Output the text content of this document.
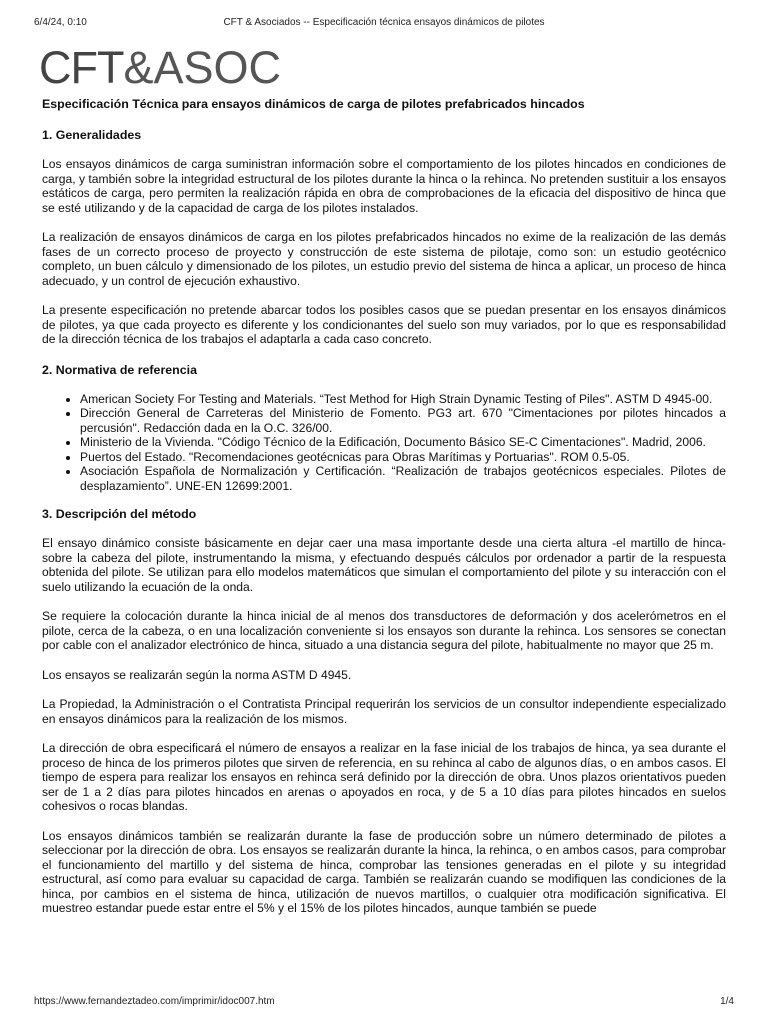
6/4/24, 0:10	CFT & Asociados -- Especificación técnica ensayos dinámicos de pilotes
CFT&ASOC
Especificación Técnica para ensayos dinámicos de carga de pilotes prefabricados hincados
1. Generalidades

Los ensayos dinámicos de carga suministran información sobre el comportamiento de los pilotes hincados en condiciones de carga, y también sobre la integridad estructural de los pilotes durante la hinca o la rehinca. No pretenden sustituir a los ensayos estáticos de carga, pero permiten la realización rápida en obra de comprobaciones de la eficacia del dispositivo de hinca que se esté utilizando y de la capacidad de carga de los pilotes instalados.

La realización de ensayos dinámicos de carga en los pilotes prefabricados hincados no exime de la realización de las demás fases de un correcto proceso de proyecto y construcción de este sistema de pilotaje, como son: un estudio geotécnico completo, un buen cálculo y dimensionado de los pilotes, un estudio previo del sistema de hinca a aplicar, un proceso de hinca adecuado, y un control de ejecución exhaustivo.

La presente especificación no pretende abarcar todos los posibles casos que se puedan presentar en los ensayos dinámicos de pilotes, ya que cada proyecto es diferente y los condicionantes del suelo son muy variados, por lo que es responsabilidad de la dirección técnica de los trabajos el adaptarla a cada caso concreto.

2. Normativa de referencia
• American Society For Testing and Materials. “Test Method for High Strain Dynamic Testing of Piles". ASTM D 4945-00.
• Dirección General de Carreteras del Ministerio de Fomento. PG3 art. 670 "Cimentaciones por pilotes hincados a percusión". Redacción dada en la O.C. 326/00.
• Ministerio de la Vivienda. "Código Técnico de la Edificación, Documento Básico SE-C Cimentaciones". Madrid, 2006.
• Puertos del Estado. "Recomendaciones geotécnicas para Obras Marítimas y Portuarias". ROM 0.5-05.
• Asociación Española de Normalización y Certificación. “Realización de trabajos geotécnicos especiales. Pilotes de desplazamiento”. UNE-EN 12699:2001.
3. Descripción del método

El ensayo dinámico consiste básicamente en dejar caer una masa importante desde una cierta altura -el martillo de hinca- sobre la cabeza del pilote, instrumentando la misma, y efectuando después cálculos por ordenador a partir de la respuesta obtenida del pilote. Se utilizan para ello modelos matemáticos que simulan el comportamiento del pilote y su interacción con el suelo utilizando la ecuación de la onda.

Se requiere la colocación durante la hinca inicial de al menos dos transductores de deformación y dos acelerómetros en el pilote, cerca de la cabeza, o en una localización conveniente si los ensayos son durante la rehinca. Los sensores se conectan por cable con el analizador electrónico de hinca, situado a una distancia segura del pilote, habitualmente no mayor que 25 m.

Los ensayos se realizarán según la norma ASTM D 4945.

La Propiedad, la Administración o el Contratista Principal requerirán los servicios de un consultor independiente especializado en ensayos dinámicos para la realización de los mismos.

La dirección de obra especificará el número de ensayos a realizar en la fase inicial de los trabajos de hinca, ya sea durante el proceso de hinca de los primeros pilotes que sirven de referencia, en su rehinca al cabo de algunos días, o en ambos casos. El tiempo de espera para realizar los ensayos en rehinca será definido por la dirección de obra. Unos plazos orientativos pueden ser de 1 a 2 días para pilotes hincados en arenas o apoyados en roca, y de 5 a 10 días para pilotes hincados en suelos cohesivos o rocas blandas.

Los ensayos dinámicos también se realizarán durante la fase de producción sobre un número determinado de pilotes a seleccionar por la dirección de obra. Los ensayos se realizarán durante la hinca, la rehinca, o en ambos casos, para comprobar el funcionamiento del martillo y del sistema de hinca, comprobar las tensiones generadas en el pilote y su integridad estructural, así como para evaluar su capacidad de carga. También se realizarán cuando se modifiquen las condiciones de la hinca, por cambios en el sistema de hinca, utilización de nuevos martillos, o cualquier otra modificación significativa. El muestreo estandar puede estar entre el 5% y el 15% de los pilotes hincados, aunque también se puede

https://www.fernandeztadeo.com/imprimir/idoc007.htm	1/4
